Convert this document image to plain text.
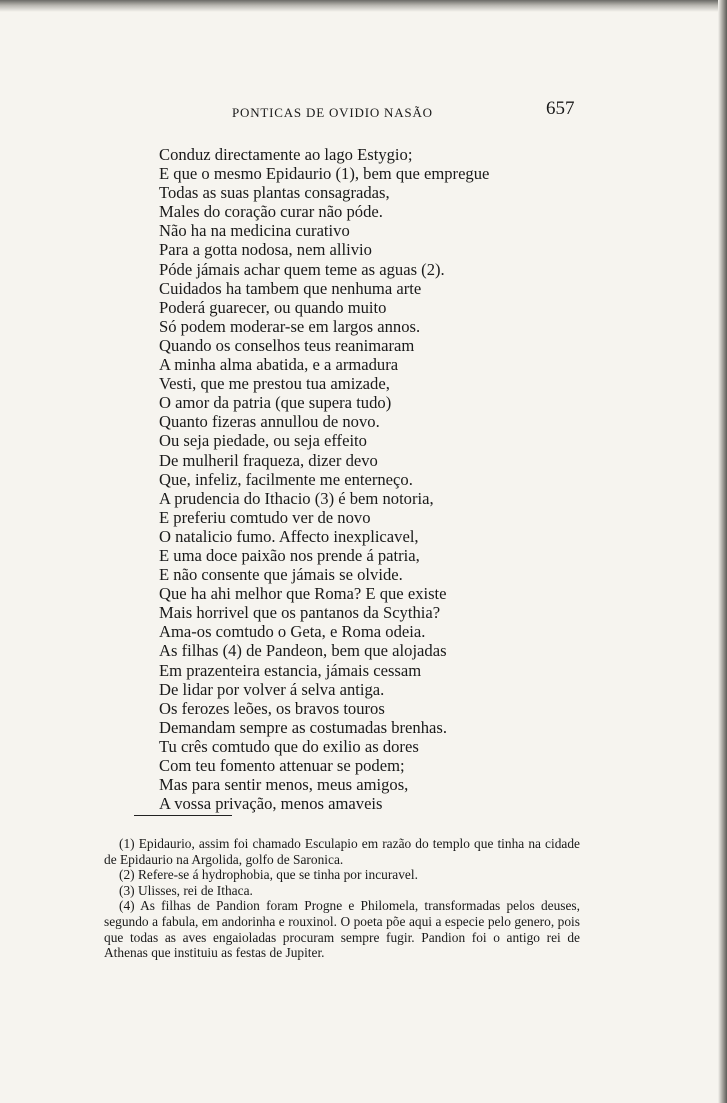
PONTICAS DE OVIDIO NASÃO	657
Conduz directamente ao lago Estygio;
E que o mesmo Epidaurio (1), bem que empregue
Todas as suas plantas consagradas,
Males do coração curar não póde.
Não ha na medicina curativo
Para a gotta nodosa, nem allivio
Póde jámais achar quem teme as aguas (2).
Cuidados ha tambem que nenhuma arte
Poderá guarecer, ou quando muito
Só podem moderar-se em largos annos.
Quando os conselhos teus reanimaram
A minha alma abatida, e a armadura
Vesti, que me prestou tua amizade,
O amor da patria (que supera tudo)
Quanto fizeras annullou de novo.
Ou seja piedade, ou seja effeito
De mulheril fraqueza, dizer devo
Que, infeliz, facilmente me enterneço.
A prudencia do Ithacio (3) é bem notoria,
E preferiu comtudo ver de novo
O natalicio fumo. Affecto inexplicavel,
E uma doce paixão nos prende á patria,
E não consente que jámais se olvide.
Que ha ahi melhor que Roma? E que existe
Mais horrivel que os pantanos da Scythia?
Ama-os comtudo o Geta, e Roma odeia.
As filhas (4) de Pandeon, bem que alojadas
Em prazenteira estancia, jámais cessam
De lidar por volver á selva antiga.
Os ferozes leões, os bravos touros
Demandam sempre as costumadas brenhas.
Tu crês comtudo que do exilio as dores
Com teu fomento attenuar se podem;
Mas para sentir menos, meus amigos,
A vossa privação, menos amaveis
(1) Epidaurio, assim foi chamado Esculapio em razão do templo que tinha na cidade de Epidaurio na Argolida, golfo de Saronica.
(2) Refere-se á hydrophobia, que se tinha por incuravel.
(3) Ulisses, rei de Ithaca.
(4) As filhas de Pandion foram Progne e Philomela, transformadas pelos deuses, segundo a fabula, em andorinha e rouxinol. O poeta põe aqui a especie pelo genero, pois que todas as aves engaioladas procuram sempre fugir. Pandion foi o antigo rei de Athenas que instituiu as festas de Jupiter.
